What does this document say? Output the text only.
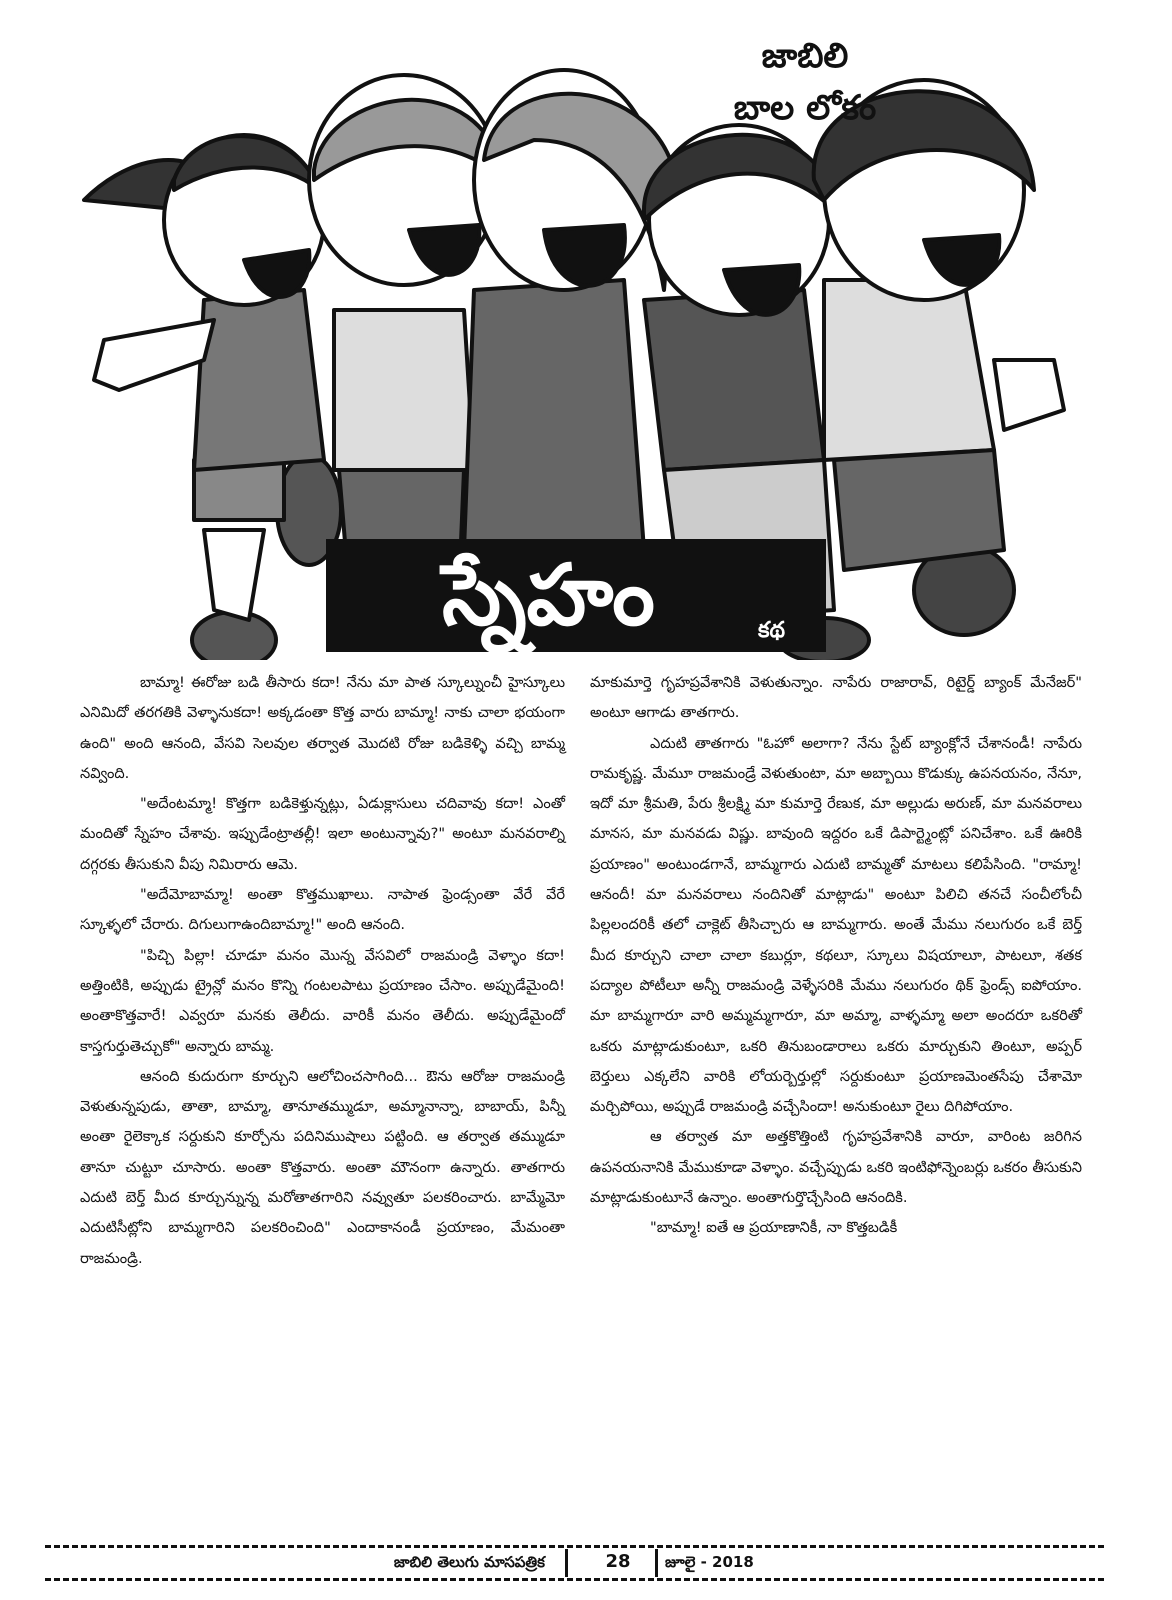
జాబిలి
బాల లోకం
స్నేహం	కథ

బామ్మా! ఈరోజు బడి తీసారు కదా! నేను మా పాత స్కూల్నుంచీ హైస్కూలు ఎనిమిదో తరగతికి వెళ్ళానుకదా! అక్కడంతా కొత్త వారు బామ్మా! నాకు చాలా భయంగా ఉంది" అంది ఆనంది, వేసవి సెలవుల తర్వాత మొదటి రోజు బడికెళ్ళి వచ్చి బామ్మ నవ్వింది.

"అదేంటమ్మా! కొత్తగా బడికెళ్తున్నట్లు, ఏడుక్లాసులు చదివావు కదా! ఎంతో మందితో స్నేహం చేశావు. ఇప్పుడేంట్రాతల్లీ! ఇలా అంటున్నావు?" అంటూ మనవరాల్ని దగ్గరకు తీసుకుని వీపు నిమిరారు ఆమె.

"అదేమోబామ్మా! అంతా కొత్తముఖాలు. నాపాత ఫ్రెండ్సంతా వేరే వేరే స్కూళ్ళలో చేరారు. దిగులుగాఉందిబామ్మా!" అంది ఆనంది.

"పిచ్చి పిల్లా! చూడూ మనం మొన్న వేసవిలో రాజమండ్రి వెళ్ళాం కదా! అత్తింటికి, అప్పుడు ట్రైన్లో మనం కొన్ని గంటలపాటు ప్రయాణం చేసాం. అప్పుడేమైంది! అంతాకొత్తవారే! ఎవ్వరూ మనకు తెలీదు. వారికీ మనం తెలీదు. అప్పుడేమైందో కాస్తగుర్తుతెచ్చుకో" అన్నారు బామ్మ.

ఆనంది కుదురుగా కూర్చుని ఆలోచించసాగింది... ఔను ఆరోజు రాజమండ్రి వెళుతున్నపుడు, తాతా, బామ్మా, తానూతమ్ముడూ, అమ్మానాన్నా, బాబాయ్, పిన్నీ అంతా రైలెక్కాక సర్దుకుని కూర్చోను పదినిముషాలు పట్టింది. ఆ తర్వాత తమ్ముడూ తానూ చుట్టూ చూసారు. అంతా కొత్తవారు. అంతా మౌనంగా ఉన్నారు. తాతగారు ఎదుటి బెర్త్ మీద కూర్చున్నున్న మరోతాతగారిని నవ్వుతూ పలకరించారు. బామ్మేమో ఎదుటిసీట్లోని బామ్మగారిని పలకరించింది" ఎందాకానండీ ప్రయాణం, మేమంతా రాజమండ్రి.

మాకుమార్తె గృహప్రవేశానికి వెళుతున్నాం. నాపేరు రాజారావ్, రిటైర్డ్ బ్యాంక్ మేనేజర్" అంటూ ఆగాడు తాతగారు.

ఎదుటి తాతగారు "ఓహో అలాగా? నేను స్టేట్ బ్యాంక్లోనే చేశానండీ! నాపేరు రామకృష్ణ. మేమూ రాజమండ్రే వెళుతుంటా, మా అబ్బాయి కొడుక్కు ఉపనయనం, నేనూ, ఇదో మా శ్రీమతి, పేరు శ్రీలక్ష్మి మా కుమార్తె రేణుక, మా అల్లుడు అరుణ్, మా మనవరాలు మానస, మా మనవడు విష్ణు. బావుంది ఇద్దరం ఒకే డిపార్ట్మెంట్లో పనిచేశాం. ఒకే ఊరికి ప్రయాణం" అంటుండగానే, బామ్మగారు ఎదుటి బామ్మతో మాటలు కలిపేసింది. "రామ్మా! ఆనందీ! మా మనవరాలు నందినితో మాట్లాడు" అంటూ పిలిచి తనచే సంచీలోంచీ పిల్లలందరికీ తలో చాక్లెట్ తీసిచ్చారు ఆ బామ్మగారు. అంతే మేము నలుగురం ఒకే బెర్త్ మీద కూర్చుని చాలా చాలా కబుర్లూ, కథలూ, స్కూలు విషయాలూ, పాటలూ, శతక పద్యాల పోటీలూ అన్నీ రాజమండ్రి వెళ్ళేసరికి మేము నలుగురం థిక్ ఫ్రెండ్స్ ఐపోయాం. మా బామ్మగారూ వారి అమ్మమ్మగారూ, మా అమ్మా, వాళ్ళమ్మా అలా అందరూ ఒకరితో ఒకరు మాట్లాడుకుంటూ, ఒకరి తినుబండారాలు ఒకరు మార్చుకుని తింటూ, అప్పర్ బెర్తులు ఎక్కలేని వారికి లోయర్బెర్తుల్లో సర్దుకుంటూ ప్రయాణమెంతసేపు చేశామో మర్చిపోయి, అప్పుడే రాజమండ్రి వచ్చేసిందా! అనుకుంటూ రైలు దిగిపోయాం.

ఆ తర్వాత మా అత్తకొత్తింటి గృహప్రవేశానికి వారూ, వారింట జరిగిన ఉపనయనానికి మేముకూడా వెళ్ళాం. వచ్చేప్పుడు ఒకరి ఇంటిఫోన్నెంబర్లు ఒకరం తీసుకుని మాట్లాడుకుంటూనే ఉన్నాం. అంతాగుర్తొచ్చేసింది ఆనందికి.

"బామ్మా! ఐతే ఆ ప్రయాణానికీ, నా కొత్తబడికీ

జాబిలి తెలుగు మాసపత్రిక	28	జూలై - 2018
